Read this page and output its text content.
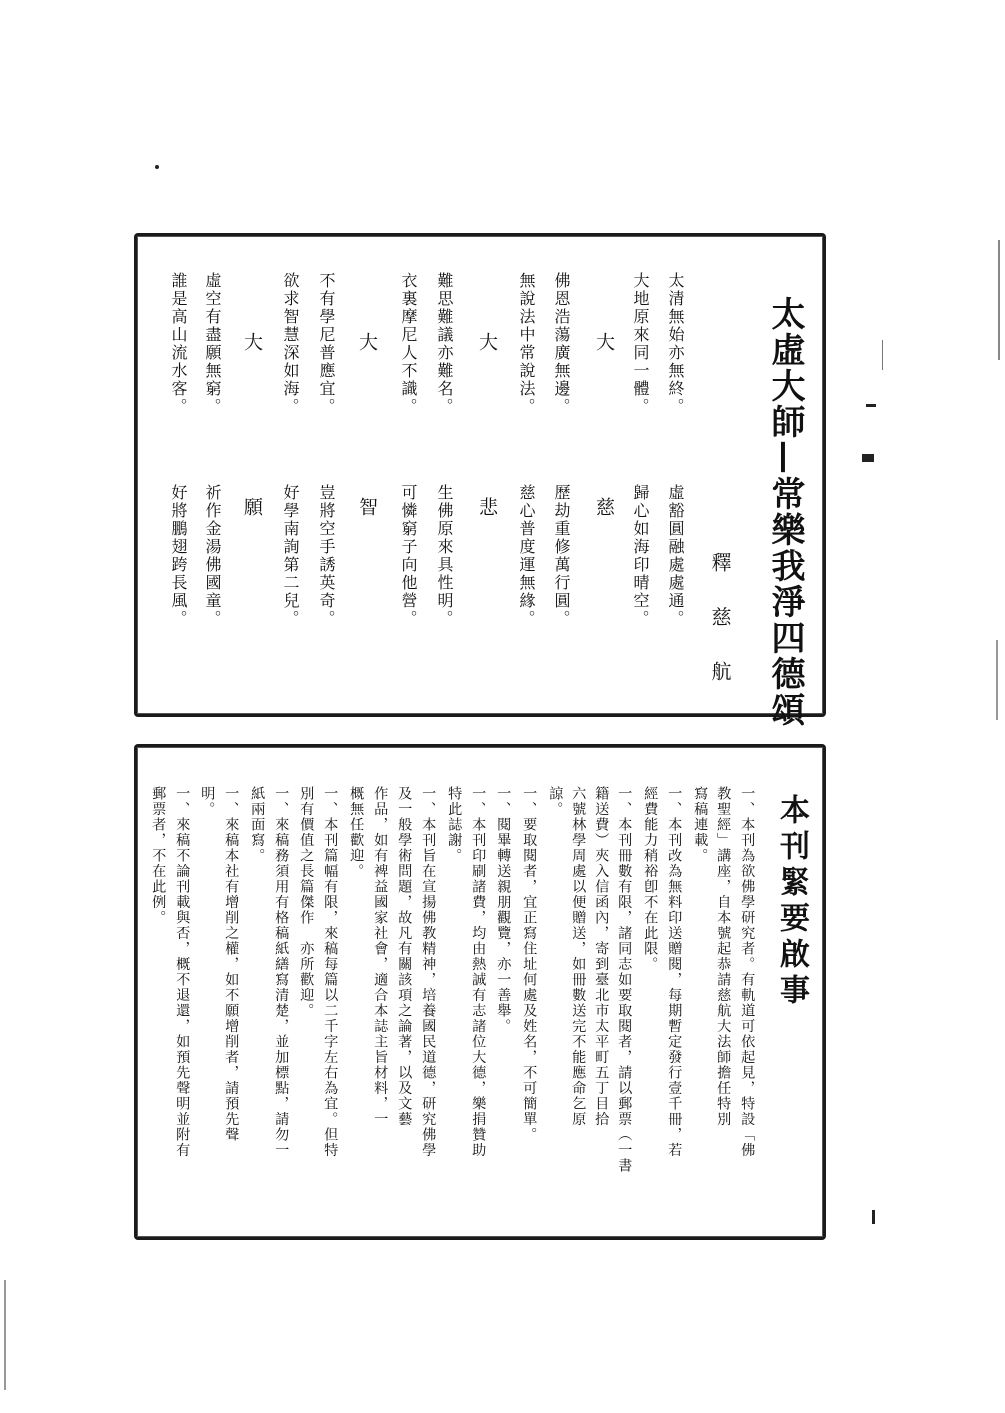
太虛大師—常樂我淨四德頌
釋 慈 航
大　　　　慈	太清無始亦無終。
虛豁圓融處處通。
大地原來同一體。
歸心如海印晴空。
大　　　　悲	佛恩浩蕩廣無邊。
歷劫重修萬行圓。
無說法中常說法。
慈心普度運無緣。
大　　　　智	難思難議亦難名。
生佛原來具性明。
衣裏摩尼人不識。
可憐窮子向他營。
大　　　　願	不有學尼普應宜。
豈將空手誘英奇。
欲求智慧深如海。
好學南詢第二兒。
虛空有盡願無窮。
祈作金湯佛國童。
誰是高山流水客。
好將鵬翅跨長風。
本刊緊要啟事
一、本刊為欲佛學研究者。有軌道可依起見，特設「佛
教聖經」講座，自本號起恭請慈航大法師擔任特別
寫稿連載。
一、本刊改為無料印送贈閱，每期暫定發行壹千冊，若
經費能力稍裕卽不在此限。
一、本刊冊數有限，諸同志如要取閱者，請以郵票（一書
籍送費）夾入信函內，寄到臺北市太平町五丁目拾
六號林學周處以便贈送，如冊數送完不能應命乞原
諒。
一、要取閱者，宜正寫住址何處及姓名，不可簡單。
一、閱畢轉送親朋觀覽，亦一善舉。
一、本刊印刷諸費，均由熱誠有志諸位大德，樂捐贊助
特此誌謝。
一、本刊旨在宣揚佛教精神，培養國民道德，研究佛學
及一般學術問題，故凡有關該項之論著，以及文藝
作品，如有裨益國家社會，適合本誌主旨材料，一
概無任歡迎。
一、本刊篇幅有限，來稿每篇以二千字左右為宜。但特
別有價值之長篇傑作　亦所歡迎。
一、來稿務須用有格稿紙繕寫清楚，並加標點，請勿一
紙兩面寫。
一、來稿本社有增削之權，如不願增削者，請預先聲
明。
一、來稿不論刊載與否，概不退還，如預先聲明並附有
郵票者，不在此例。
